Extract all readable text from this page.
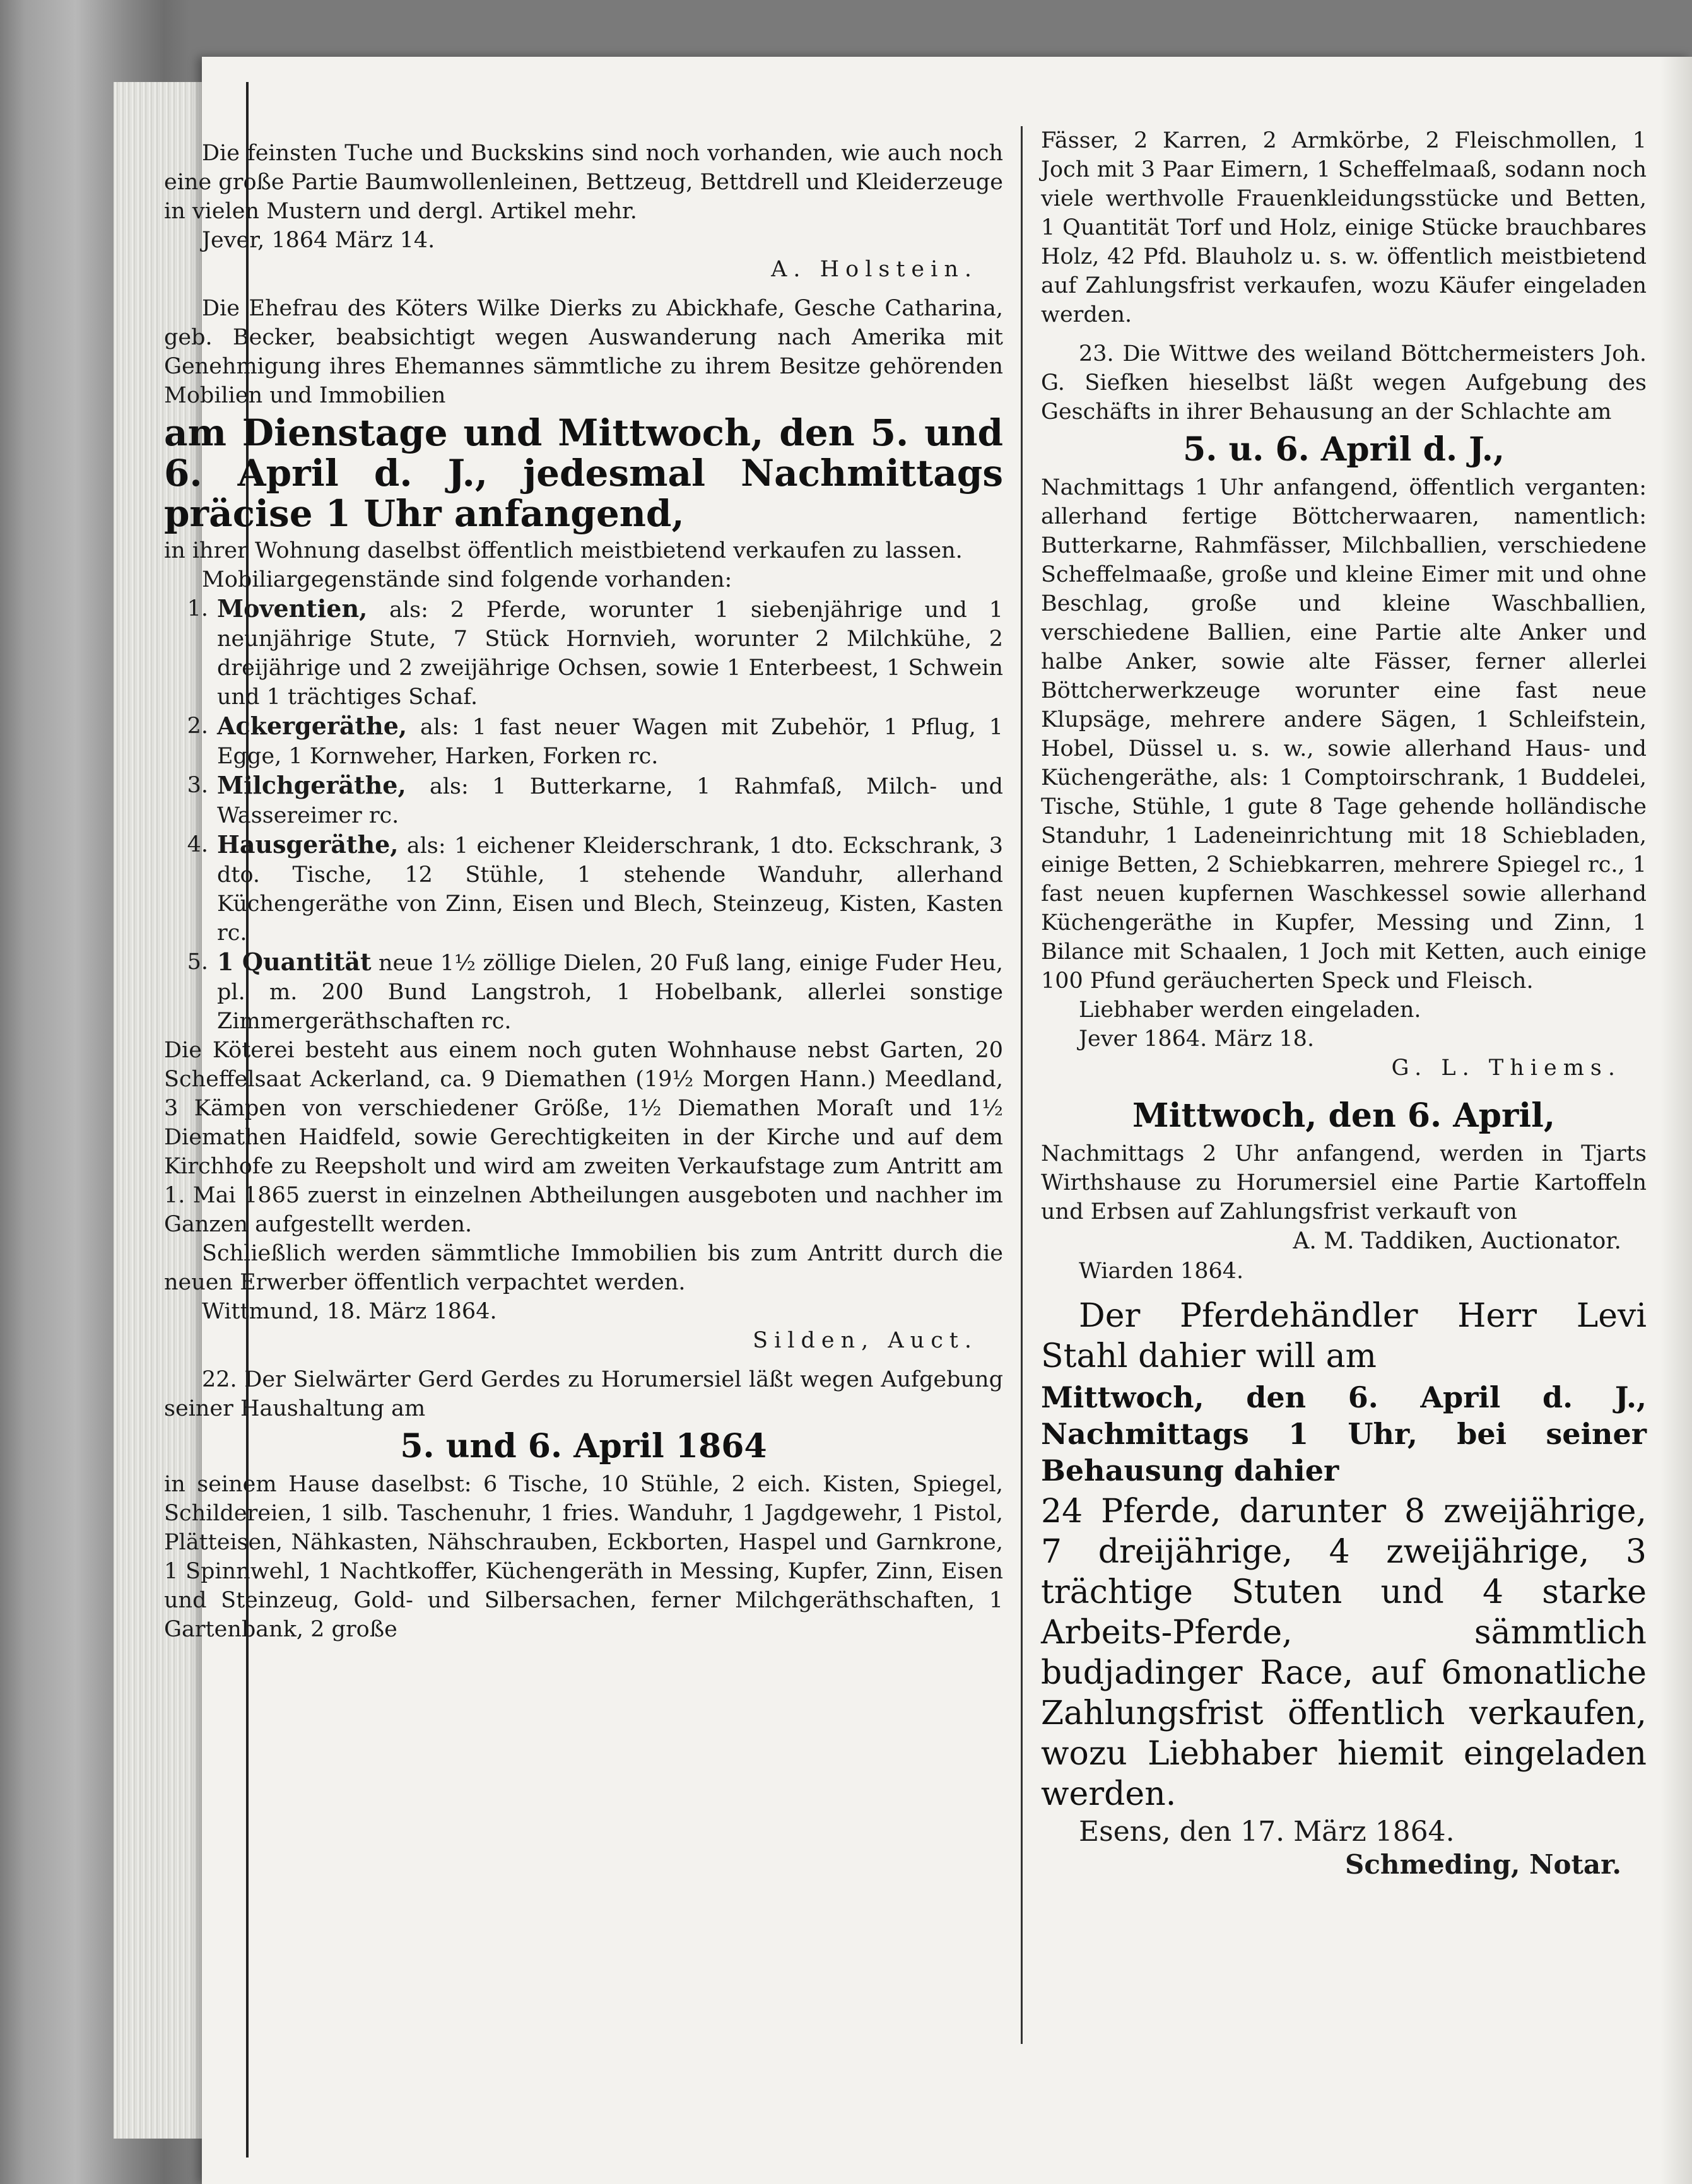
Die feinsten Tuche und Buckskins sind noch vorhanden, wie auch noch eine große Partie Baumwollenleinen, Bettzeug, Bettdrell und Kleiderzeuge in vielen Mustern und dergl. Artikel mehr.

Jever, 1864 März 14.

A. Holstein.

Die Ehefrau des Köters Wilke Dierks zu Abickhafe, Gesche Catharina, geb. Becker, beabsichtigt wegen Auswanderung nach Amerika mit Genehmigung ihres Ehemannes sämmtliche zu ihrem Besitze gehörenden Mobilien und Immobilien

am Dienstage und Mittwoch, den 5. und 6. April d. J., jedesmal Nachmittags präcise 1 Uhr anfangend,

in ihrer Wohnung daselbst öffentlich meistbietend verkaufen zu lassen.

Mobiliargegenstände sind folgende vorhanden:

1. Moventien, als: 2 Pferde, worunter 1 siebenjährige und 1 neunjährige Stute, 7 Stück Hornvieh, worunter 2 Milchkühe, 2 dreijährige und 2 zweijährige Ochsen, sowie 1 Enterbeest, 1 Schwein und 1 trächtiges Schaf.
2. Ackergeräthe, als: 1 fast neuer Wagen mit Zubehör, 1 Pflug, 1 Egge, 1 Kornweher, Harken, Forken rc.
3. Milchgeräthe, als: 1 Butterkarne, 1 Rahmfaß, Milch- und Wassereimer rc.
4. Hausgeräthe, als: 1 eichener Kleiderschrank, 1 dto. Eckschrank, 3 dto. Tische, 12 Stühle, 1 stehende Wanduhr, allerhand Küchengeräthe von Zinn, Eisen und Blech, Steinzeug, Kisten, Kasten rc.
5. 1 Quantität neue 1½ zöllige Dielen, 20 Fuß lang, einige Fuder Heu, pl. m. 200 Bund Langstroh, 1 Hobelbank, allerlei sonstige Zimmergeräthschaften rc.

Die Köterei besteht aus einem noch guten Wohnhause nebst Garten, 20 Scheffelsaat Ackerland, ca. 9 Diemathen (19½ Morgen Hann.) Meedland, 3 Kämpen von verschiedener Größe, 1½ Diemathen Moraſt und 1½ Diemathen Haidfeld, sowie Gerechtigkeiten in der Kirche und auf dem Kirchhofe zu Reepsholt und wird am zweiten Verkaufstage zum Antritt am 1. Mai 1865 zuerst in einzelnen Abtheilungen ausgeboten und nachher im Ganzen aufgestellt werden.

Schließlich werden sämmtliche Immobilien bis zum Antritt durch die neuen Erwerber öffentlich verpachtet werden.

Wittmund, 18. März 1864.

Silden, Auct.

22. Der Sielwärter Gerd Gerdes zu Horumersiel läßt wegen Aufgebung seiner Haushaltung am

5. und 6. April 1864

in seinem Hause daselbst: 6 Tische, 10 Stühle, 2 eich. Kisten, Spiegel, Schildereien, 1 silb. Taschenuhr, 1 fries. Wanduhr, 1 Jagdgewehr, 1 Pistol, Plätteisen, Nähkasten, Nähschrauben, Eckborten, Haspel und Garnkrone, 1 Spinnwehl, 1 Nachtkoffer, Küchengeräth in Messing, Kupfer, Zinn, Eisen und Steinzeug, Gold- und Silbersachen, ferner Milchgeräthschaften, 1 Gartenbank, 2 große

Fässer, 2 Karren, 2 Armkörbe, 2 Fleischmollen, 1 Joch mit 3 Paar Eimern, 1 Scheffelmaaß, sodann noch viele werthvolle Frauenkleidungsstücke und Betten, 1 Quantität Torf und Holz, einige Stücke brauchbares Holz, 42 Pfd. Blauholz u. s. w. öffentlich meistbietend auf Zahlungsfrist verkaufen, wozu Käufer eingeladen werden.

23. Die Wittwe des weiland Böttchermeisters Joh. G. Siefken hieselbst läßt wegen Aufgebung des Geschäfts in ihrer Behausung an der Schlachte am

5. u. 6. April d. J.,

Nachmittags 1 Uhr anfangend, öffentlich verganten: allerhand fertige Böttcherwaaren, namentlich: Butterkarne, Rahmfässer, Milchballien, verschiedene Scheffelmaaße, große und kleine Eimer mit und ohne Beschlag, große und kleine Waschballien, verschiedene Ballien, eine Partie alte Anker und halbe Anker, sowie alte Fässer, ferner allerlei Böttcherwerkzeuge worunter eine fast neue Klupsäge, mehrere andere Sägen, 1 Schleifstein, Hobel, Düssel u. s. w., sowie allerhand Haus- und Küchengeräthe, als: 1 Comptoirschrank, 1 Buddelei, Tische, Stühle, 1 gute 8 Tage gehende holländische Standuhr, 1 Ladeneinrichtung mit 18 Schiebladen, einige Betten, 2 Schiebkarren, mehrere Spiegel rc., 1 fast neuen kupfernen Waschkessel sowie allerhand Küchengeräthe in Kupfer, Messing und Zinn, 1 Bilance mit Schaalen, 1 Joch mit Ketten, auch einige 100 Pfund geräucherten Speck und Fleisch.

Liebhaber werden eingeladen.

Jever 1864. März 18.

G. L. Thiems.

Mittwoch, den 6. April,

Nachmittags 2 Uhr anfangend, werden in Tjarts Wirthshause zu Horumersiel eine Partie Kartoffeln und Erbsen auf Zahlungsfrist verkauft von

A. M. Taddiken, Auctionator.

Wiarden 1864.

Der Pferdehändler Herr Levi Stahl dahier will am

Mittwoch, den 6. April d. J., Nachmittags 1 Uhr, bei seiner Behausung dahier

24 Pferde, darunter 8 zweijährige, 7 dreijährige, 4 zweijährige, 3 trächtige Stuten und 4 starke Arbeits-Pferde, sämmtlich budjadinger Race, auf 6monatliche Zahlungsfrist öffentlich verkaufen, wozu Liebhaber hiemit eingeladen werden.

Esens, den 17. März 1864.

Schmeding, Notar.
